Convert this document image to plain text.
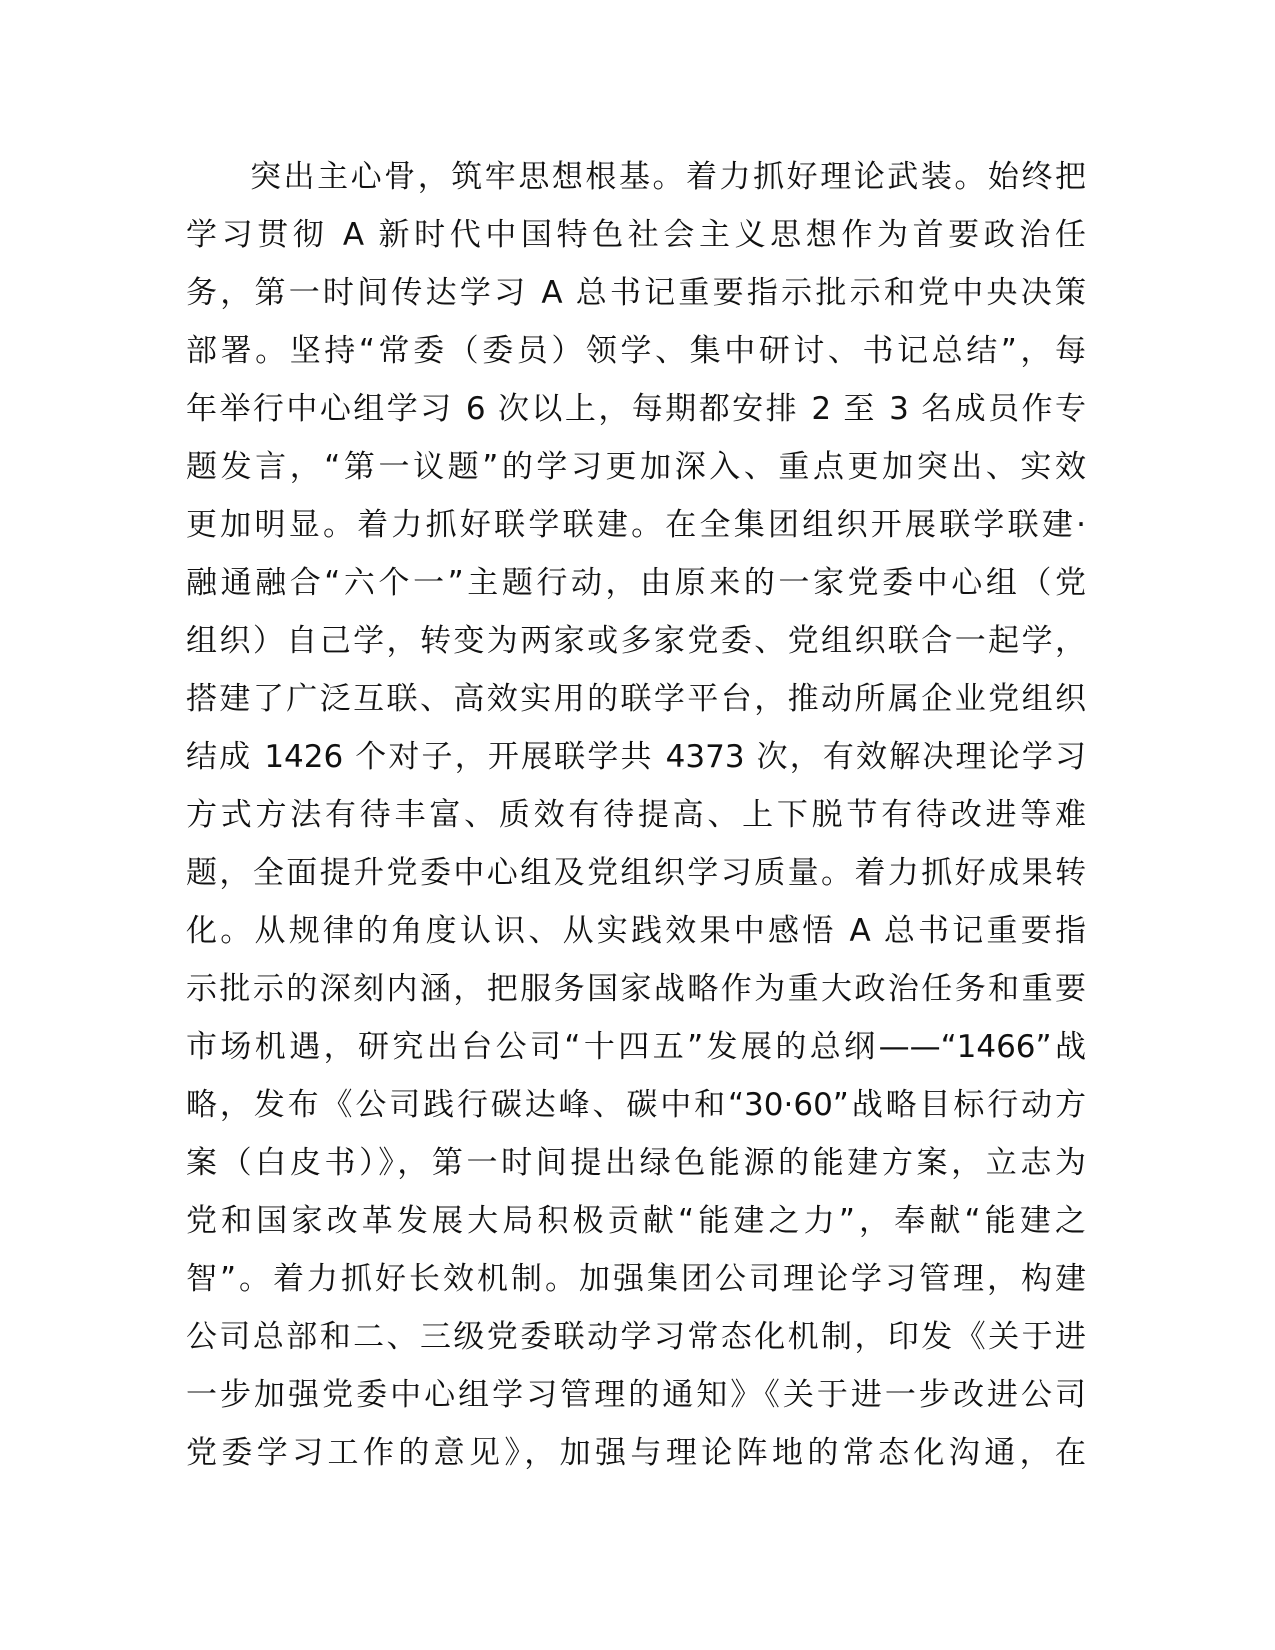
突出主心骨，筑牢思想根基。着力抓好理论武装。始终把
学习贯彻 A 新时代中国特色社会主义思想作为首要政治任
务，第一时间传达学习 A 总书记重要指示批示和党中央决策
部署。坚持“常委（委员）领学、集中研讨、书记总结”，每
年举行中心组学习 6 次以上，每期都安排 2 至 3 名成员作专
题发言，“第一议题”的学习更加深入、重点更加突出、实效
更加明显。着力抓好联学联建。在全集团组织开展联学联建·
融通融合“六个一”主题行动，由原来的一家党委中心组（党
组织）自己学，转变为两家或多家党委、党组织联合一起学，
搭建了广泛互联、高效实用的联学平台，推动所属企业党组织
结成 1426 个对子，开展联学共 4373 次，有效解决理论学习
方式方法有待丰富、质效有待提高、上下脱节有待改进等难
题，全面提升党委中心组及党组织学习质量。着力抓好成果转
化。从规律的角度认识、从实践效果中感悟 A 总书记重要指
示批示的深刻内涵，把服务国家战略作为重大政治任务和重要
市场机遇，研究出台公司“十四五”发展的总纲——“1466”战
略，发布《公司践行碳达峰、碳中和“30·60”战略目标行动方
案（白皮书）》，第一时间提出绿色能源的能建方案，立志为
党和国家改革发展大局积极贡献“能建之力”，奉献“能建之
智”。着力抓好长效机制。加强集团公司理论学习管理，构建
公司总部和二、三级党委联动学习常态化机制，印发《关于进
一步加强党委中心组学习管理的通知》《关于进一步改进公司
党委学习工作的意见》，加强与理论阵地的常态化沟通，在
